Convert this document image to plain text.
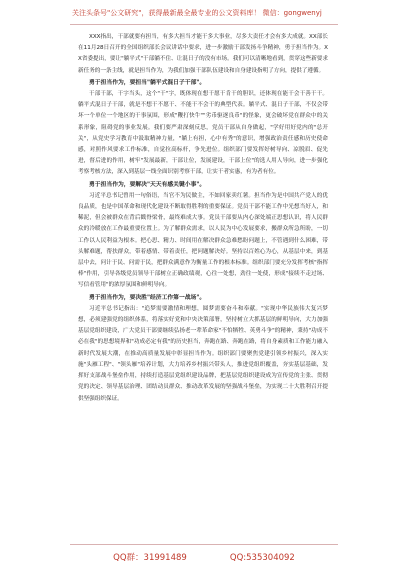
关注头条号"公文研究"，获得最新最全最专业的公文资料库！ 微信：gongwenyj

XXX指出，干部就要有担当，有多大担当才能干多大事业，尽多大责任才会有多大成就。XX部长在11月28日召开的全国组织部长会议讲话中要求，进一步激励干部发扬斗争精神，勇于担当作为。XX省委提出，要让"躺平式"干部躺不住、让混日子的没有市场。我们可以清晰地看到，贯穿这些新要求新任务的一条主线，就是担当作为，为我们加强干部队伍建设和自身建设指明了方向，提供了遵循。

勇于担当作为，要担当"躺平式混日子干部"。

干部干部，干字当头，这个"干"字，既体现在想干愿干肯干的胆识，还体现在能干会干善干干。躺平式混日子干部，就是不想干不愿干、不能干不会干的典型代表。躺平式、混日子干部，不仅会带坏一个单位一个地区的干事氛围，形成"鞭打快牛""劣币驱逐良币"的怪象，更会破坏党在群众中的关系形象，阻碍党的事业发展。我们要严肃深刻反思，党员干部从自身做起，"学好用好党内的"总开关"，从党史学习教育中汲取精神力量，"躺上有担，心中有秀"的意识，增强政治责任感和历史使命感，对照作风要求工作标准，自觉拉高标杆，争先进位。组织部门要发挥好树导向、凉脱眉、促先进，督后进的作用，树牢"发展最新，干部让位，发展建设，干部上位"的选人用人导向，进一步强化考察考核方法，深入到基层一线全面识别考察干部，让实干者实惠，有为者有位。

勇于担当作为，要解决"天天有感关键小事"。

习近平总书记曾用一句俗语，当官不为民做主，不如回家卖红薯。担当作为是中国共产党人的优良品质，也是中国革命和现代化建设不断取得胜利的重要保证。党员干部不能工作中光想当好人，和稀泥，但会被群众在背后戳脊梁骨，最终难成大事。党员干部要从内心深处端正思想认识，将人民群众的冷暖放在工作最重要位置上。为了解群众需求，以人民为中心发展要求，搬群众所急所盼，一切工作以人民利益为根本。把心思、精力、时间用在解决群众急难愁盼问题上，不管遇到什么困难，带头解难题，帮扶群众，带着感情、带着责任，把问题解决好。坚持以百姓心为心，从基层中来，到基层中去，问计于民、问需于民，把群众满意作为衡量工作的根本标准。组织部门要充分发挥考核"指挥棒"作用，引导各级党员领导干部树立正确政绩观，心往一处想，劲往一处使，形成"接续不走过场、写信看管用"的浓厚氛围和鲜明导向。

勇于担当作为，要决胜"经济工作第一战场"。

习近平总书记指出："追梦需要激情和理想，圆梦需要奋斗和奉献。"实现中华民族伟大复兴梦想，必须建强党的组织体系，将落实好党和中央决策部署，坚持树立大抓基层的鲜明导向，大力加强基层党组织建设，广大党员干部要继续弘扬老一辈革命家"不怕牺牲、英勇斗争"的精神，秉持"功成不必在我"的思想境界和"功成必定有我"的历史担当，奔跑在路、奔跑在路，将自身素质和工作能力融入新时代发展大潮，在推动高质量发展中彰显担当作为。组织部门要聚焦党建引领乡村振兴，深入实施"头雁工程"、"领头雁"培养计划，大力培养乡村振兴带头人，推进党组织覆盖，夯实基层基础，发挥好支部战斗堡垒作用，持续打造基层党组织建设品牌，把基层党组织建设成为宣传党的主张、贯彻党的决定、领导基层治理、团结动员群众、推动改革发展的坚强战斗堡垒，为实现二十大胜利召开提供坚强组织保证。

QQ群：31991489	QQ:535304092
